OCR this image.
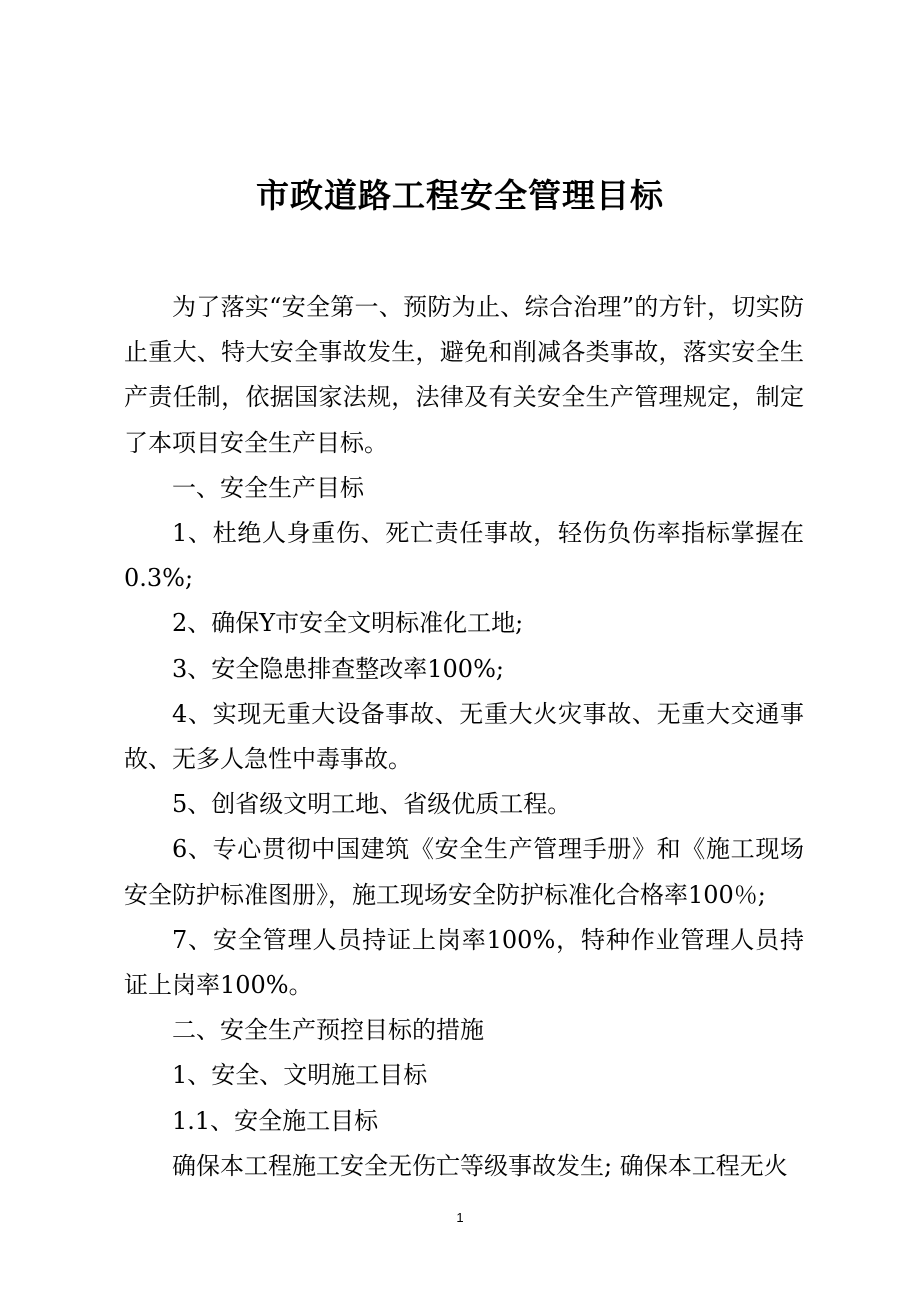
市政道路工程安全管理目标

为了落实“安全第一、预防为止、综合治理”的方针，切实防止重大、特大安全事故发生，避免和削减各类事故，落实安全生产责任制，依据国家法规，法律及有关安全生产管理规定，制定了本项目安全生产目标。

一、安全生产目标

1、杜绝人身重伤、死亡责任事故，轻伤负伤率指标掌握在0.3%;

2、确保Y市安全文明标准化工地;

3、安全隐患排查整改率100%;

4、实现无重大设备事故、无重大火灾事故、无重大交通事故、无多人急性中毒事故。

5、创省级文明工地、省级优质工程。

6、专心贯彻中国建筑《安全生产管理手册》和《施工现场安全防护标准图册》，施工现场安全防护标准化合格率100％;

7、安全管理人员持证上岗率100%，特种作业管理人员持证上岗率100%。

二、安全生产预控目标的措施

1、安全、文明施工目标

1.1、安全施工目标

确保本工程施工安全无伤亡等级事故发生; 确保本工程无火

1
